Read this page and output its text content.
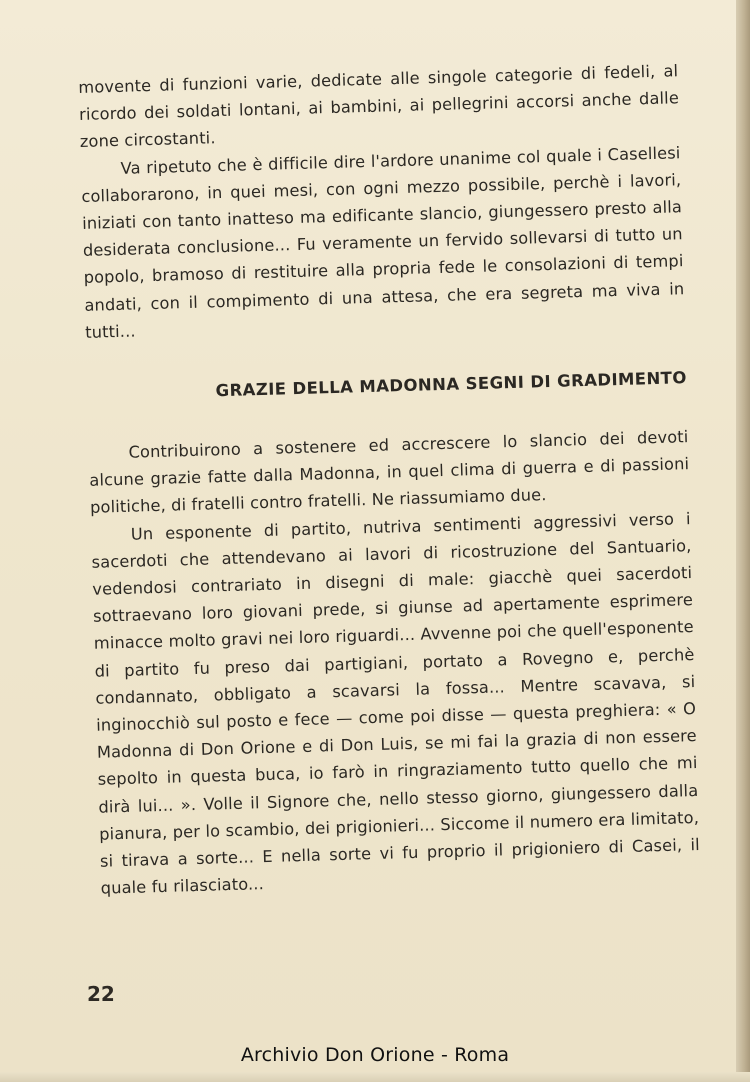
movente di funzioni varie, dedicate alle singole categorie di fedeli, al ricordo dei soldati lontani, ai bambini, ai pellegrini accorsi anche dalle zone circostanti.

Va ripetuto che è difficile dire l'ardore unanime col quale i Casellesi collaborarono, in quei mesi, con ogni mezzo possibile, perchè i lavori, iniziati con tanto inatteso ma edificante slancio, giungessero presto alla desiderata conclusione... Fu veramente un fervido sollevarsi di tutto un popolo, bramoso di restituire alla propria fede le consolazioni di tempi andati, con il compimento di una attesa, che era segreta ma viva in tutti...

GRAZIE DELLA MADONNA SEGNI DI GRADIMENTO

Contribuirono a sostenere ed accrescere lo slancio dei devoti alcune grazie fatte dalla Madonna, in quel clima di guerra e di passioni politiche, di fratelli contro fratelli. Ne riassumiamo due.

Un esponente di partito, nutriva sentimenti aggressivi verso i sacerdoti che attendevano ai lavori di ricostruzione del Santuario, vedendosi contrariato in disegni di male: giacchè quei sacerdoti sottraevano loro giovani prede, si giunse ad apertamente esprimere minacce molto gravi nei loro riguardi... Avvenne poi che quell'esponente di partito fu preso dai partigiani, portato a Rovegno e, perchè condannato, obbligato a scavarsi la fossa... Mentre scavava, si inginocchiò sul posto e fece — come poi disse — questa preghiera: « O Madonna di Don Orione e di Don Luis, se mi fai la grazia di non essere sepolto in questa buca, io farò in ringraziamento tutto quello che mi dirà lui... ». Volle il Signore che, nello stesso giorno, giungessero dalla pianura, per lo scambio, dei prigionieri... Siccome il numero era limitato, si tirava a sorte... E nella sorte vi fu proprio il prigioniero di Casei, il quale fu rilasciato...

22
Archivio Don Orione - Roma
